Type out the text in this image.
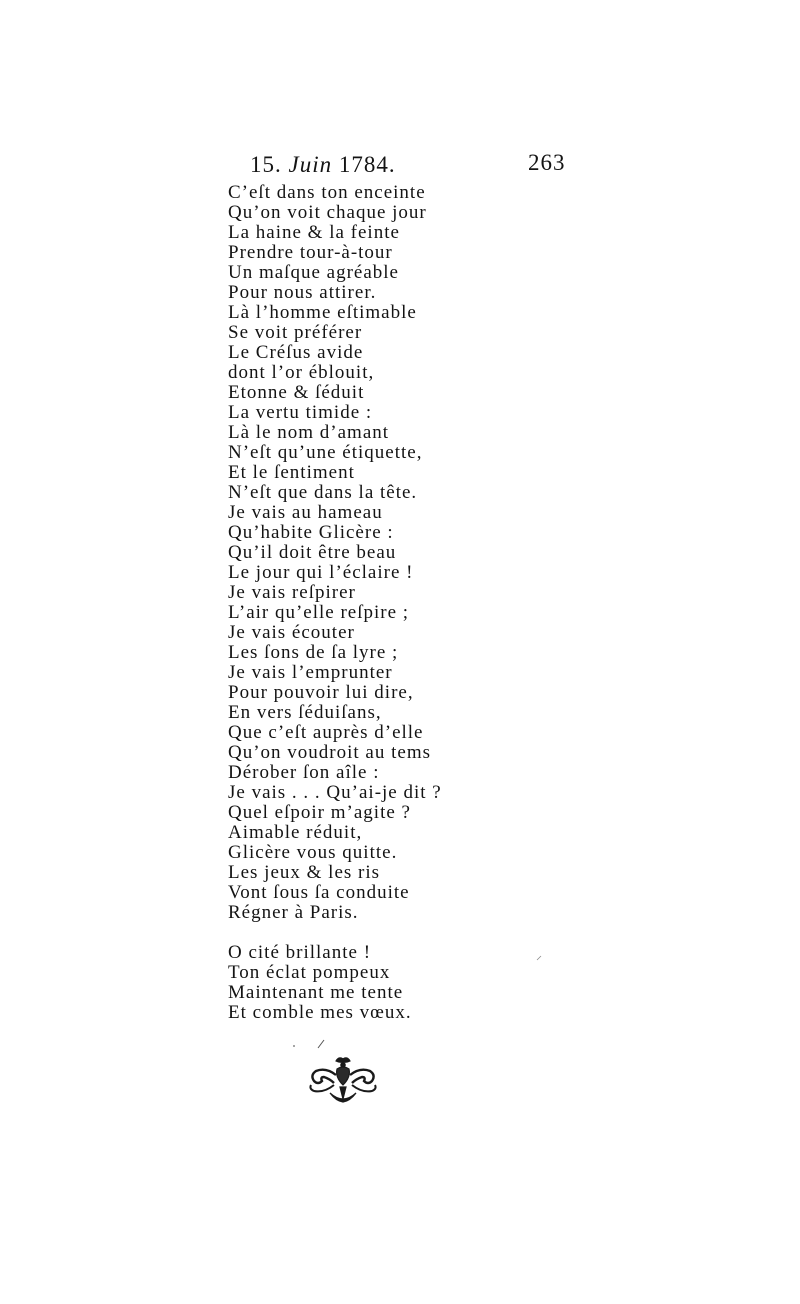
15. Juin 1784.	263
C’eſt dans ton enceinte
Qu’on voit chaque jour
La haine & la feinte
Prendre tour-à-tour
Un maſque agréable
Pour nous attirer.
Là l’homme eſtimable
Se voit préférer
Le Créſus avide
dont l’or éblouit,
Etonne & ſéduit
La vertu timide :
Là le nom d’amant
N’eſt qu’une étiquette,
Et le ſentiment
N’eſt que dans la tête.
Je vais au hameau
Qu’habite Glicère :
Qu’il doit être beau
Le jour qui l’éclaire !
Je vais reſpirer
L’air qu’elle reſpire ;
Je vais écouter
Les ſons de ſa lyre ;
Je vais l’emprunter
Pour pouvoir lui dire,
En vers ſéduiſans,
Que c’eſt auprès d’elle
Qu’on voudroit au tems
Dérober ſon aîle :
Je vais . . . Qu’ai-je dit ?
Quel eſpoir m’agite ?
Aimable réduit,
Glicère vous quitte.
Les jeux & les ris
Vont ſous ſa conduite
Régner à Paris.
O cité brillante !
Ton éclat pompeux
Maintenant me tente
Et comble mes vœux.
